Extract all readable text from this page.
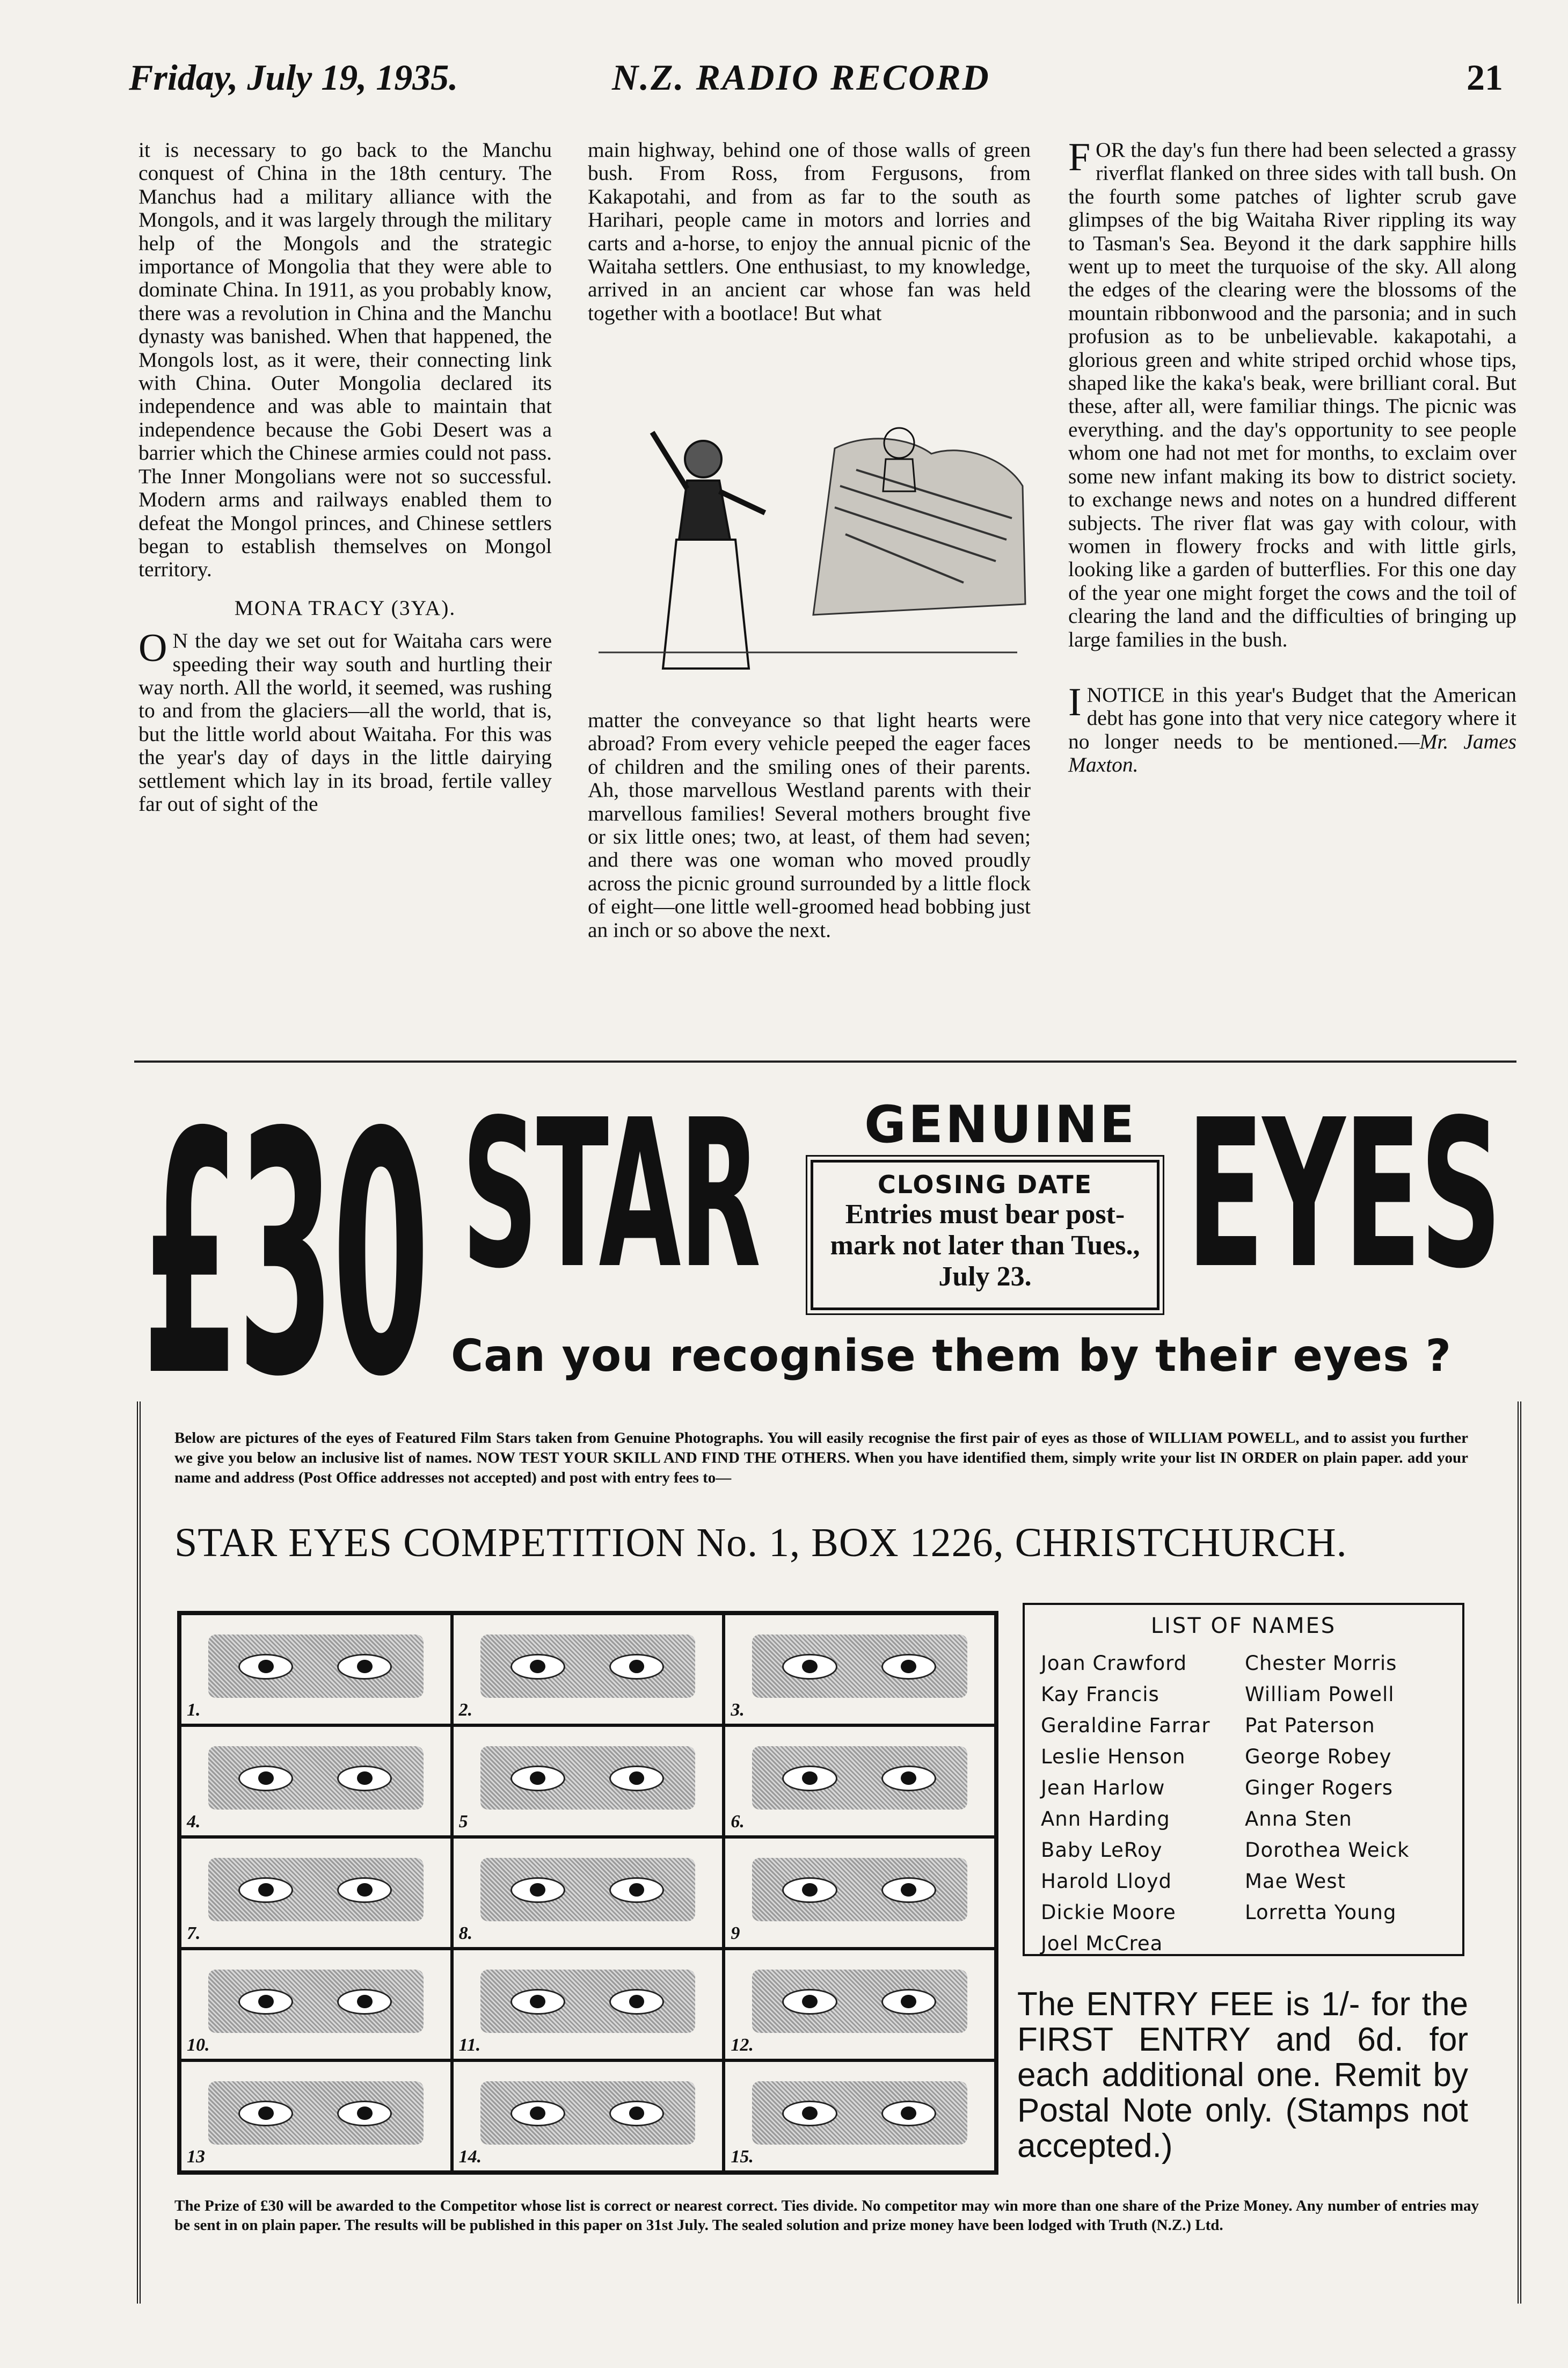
Friday, July 19, 1935.	N.Z. RADIO RECORD	21

it is necessary to go back to the Manchu conquest of China in the 18th century. The Manchus had a military alliance with the Mongols, and it was largely through the military help of the Mongols and the strategic importance of Mongolia that they were able to dominate China. In 1911, as you probably know, there was a revolution in China and the Manchu dynasty was banished. When that happened, the Mongols lost, as it were, their connecting link with China. Outer Mongolia declared its independence and was able to maintain that independence because the Gobi Desert was a barrier which the Chinese armies could not pass. The Inner Mongolians were not so successful. Modern arms and railways enabled them to defeat the Mongol princes, and Chinese settlers began to establish themselves on Mongol territory.

MONA TRACY (3YA).

O N the day we set out for Waitaha cars were speeding their way south and hurtling their way north. All the world, it seemed, was rushing to and from the glaciers—all the world, that is, but the little world about Waitaha. For this was the year's day of days in the little dairying settlement which lay in its broad, fertile valley far out of sight of the

main highway, behind one of those walls of green bush. From Ross, from Fergusons, from Kakapotahi, and from as far to the south as Harihari, people came in motors and lorries and carts and a-horse, to enjoy the annual picnic of the Waitaha settlers. One enthusiast, to my knowledge, arrived in an ancient car whose fan was held together with a bootlace! But what

matter the conveyance so that light hearts were abroad? From every vehicle peeped the eager faces of children and the smiling ones of their parents. Ah, those marvellous Westland parents with their marvellous families! Several mothers brought five or six little ones; two, at least, of them had seven; and there was one woman who moved proudly across the picnic ground surrounded by a little flock of eight—one little well-groomed head bobbing just an inch or so above the next.

FOR the day's fun there had been selected a grassy riverflat flanked on three sides with tall bush. On the fourth some patches of lighter scrub gave glimpses of the big Waitaha River rippling its way to Tasman's Sea. Beyond it the dark sapphire hills went up to meet the turquoise of the sky. All along the edges of the clearing were the blossoms of the mountain ribbonwood and the parsonia; and in such profusion as to be unbelievable. kakapotahi, a glorious green and white striped orchid whose tips, shaped like the kaka's beak, were brilliant coral. But these, after all, were familiar things. The picnic was everything. and the day's opportunity to see people whom one had not met for months, to exclaim over some new infant making its bow to district society. to exchange news and notes on a hundred different subjects. The river flat was gay with colour, with women in flowery frocks and with little girls, looking like a garden of butterflies. For this one day of the year one might forget the cows and the toil of clearing the land and the difficulties of bringing up large families in the bush.

INOTICE in this year's Budget that the American debt has gone into that very nice category where it no longer needs to be mentioned.—Mr. James Maxton.

£30 STAR GENUINE
CLOSING DATE
Entries must bear post-mark not later than Tues., July 23. EYES
Can you recognise them by their eyes ?
Below are pictures of the eyes of Featured Film Stars taken from Genuine Photographs. You will easily recognise the first pair of eyes as those of WILLIAM POWELL, and to assist you further we give you below an inclusive list of names. NOW TEST YOUR SKILL AND FIND THE OTHERS. When you have identified them, simply write your list IN ORDER on plain paper. add your name and address (Post Office addresses not accepted) and post with entry fees to—
STAR EYES COMPETITION No. 1, BOX 1226, CHRISTCHURCH.
1.	2.	3.
4.	5	6.
7.	8.	9
10.	11.	12.
13	14.	15.
LIST OF NAMES
Joan Crawford
Kay Francis
Geraldine Farrar
Leslie Henson
Jean Harlow
Ann Harding
Baby LeRoy
Harold Lloyd
Dickie Moore
Joel McCrea
Chester Morris
William Powell
Pat Paterson
George Robey
Ginger Rogers
Anna Sten
Dorothea Weick
Mae West
Lorretta Young
The ENTRY FEE is 1/- for the FIRST ENTRY and 6d. for each additional one. Remit by Postal Note only. (Stamps not accepted.)
The Prize of £30 will be awarded to the Competitor whose list is correct or nearest correct. Ties divide. No competitor may win more than one share of the Prize Money. Any number of entries may be sent in on plain paper. The results will be published in this paper on 31st July. The sealed solution and prize money have been lodged with Truth (N.Z.) Ltd.
